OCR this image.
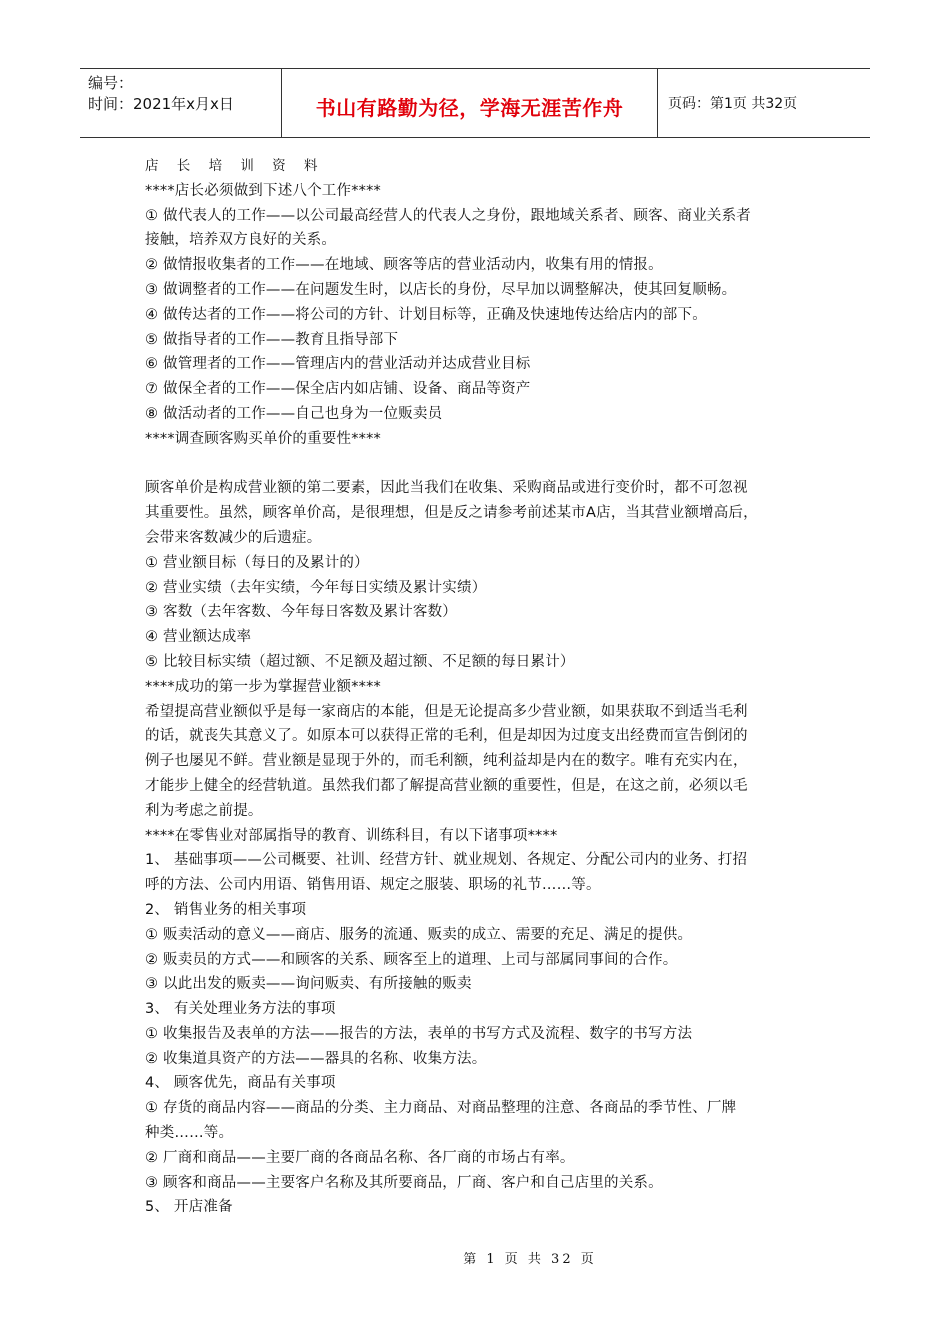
编号：
时间：2021年x月x日	书山有路勤为径，学海无涯苦作舟	页码：第1页 共32页
店 长 培 训 资 料
****店长必须做到下述八个工作****
① 做代表人的工作——以公司最高经营人的代表人之身份，跟地域关系者、顾客、商业关系者
接触，培养双方良好的关系。
② 做情报收集者的工作——在地域、顾客等店的营业活动内，收集有用的情报。
③ 做调整者的工作——在问题发生时，以店长的身份，尽早加以调整解决，使其回复顺畅。
④ 做传达者的工作——将公司的方针、计划目标等，正确及快速地传达给店内的部下。
⑤ 做指导者的工作——教育且指导部下
⑥ 做管理者的工作——管理店内的营业活动并达成营业目标
⑦ 做保全者的工作——保全店内如店铺、设备、商品等资产
⑧ 做活动者的工作——自己也身为一位贩卖员
****调查顾客购买单价的重要性****
顾客单价是构成营业额的第二要素，因此当我们在收集、采购商品或进行变价时，都不可忽视
其重要性。虽然，顾客单价高，是很理想，但是反之请参考前述某市A店，当其营业额增高后，
会带来客数减少的后遗症。
① 营业额目标（每日的及累计的）
② 营业实绩（去年实绩，今年每日实绩及累计实绩）
③ 客数（去年客数、今年每日客数及累计客数）
④ 营业额达成率
⑤ 比较目标实绩（超过额、不足额及超过额、不足额的每日累计）
****成功的第一步为掌握营业额****
希望提高营业额似乎是每一家商店的本能，但是无论提高多少营业额，如果获取不到适当毛利
的话，就丧失其意义了。如原本可以获得正常的毛利，但是却因为过度支出经费而宣告倒闭的
例子也屡见不鲜。营业额是显现于外的，而毛利额，纯利益却是内在的数字。唯有充实内在，
才能步上健全的经营轨道。虽然我们都了解提高营业额的重要性，但是，在这之前，必须以毛
利为考虑之前提。
****在零售业对部属指导的教育、训练科目，有以下诸事项****
1、 基础事项——公司概要、社训、经营方针、就业规划、各规定、分配公司内的业务、打招
呼的方法、公司内用语、销售用语、规定之服装、职场的礼节……等。
2、 销售业务的相关事项
① 贩卖活动的意义——商店、服务的流通、贩卖的成立、需要的充足、满足的提供。
② 贩卖员的方式——和顾客的关系、顾客至上的道理、上司与部属同事间的合作。
③ 以此出发的贩卖——询问贩卖、有所接触的贩卖
3、 有关处理业务方法的事项
① 收集报告及表单的方法——报告的方法，表单的书写方式及流程、数字的书写方法
② 收集道具资产的方法——器具的名称、收集方法。
4、 顾客优先，商品有关事项
① 存货的商品内容——商品的分类、主力商品、对商品整理的注意、各商品的季节性、厂牌
种类……等。
② 厂商和商品——主要厂商的各商品名称、各厂商的市场占有率。
③ 顾客和商品——主要客户名称及其所要商品，厂商、客户和自己店里的关系。
5、 开店准备
第 1 页 共 32 页
